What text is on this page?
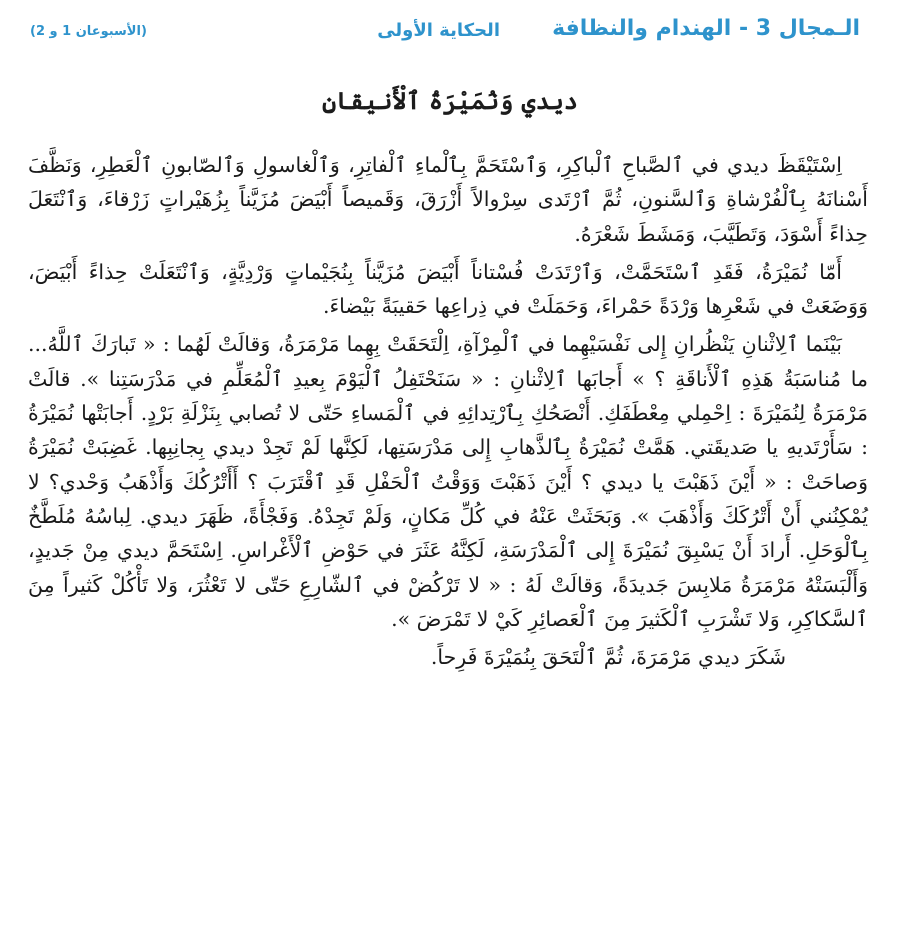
الـمجال 3 - الهندام والنظافة
الحكاية الأولى
(الأسبوعان 1 و 2)
ديدي وَنُمَيْرَةُ ٱلْأَنيقانِ

اِسْتَيْقَظَ ديدي في ٱلصَّباحِ ٱلْباكِرِ، وَٱسْتَحَمَّ بِٱلْماءِ ٱلْفاتِرِ، وَٱلْغاسولِ وَٱلصّابونِ ٱلْعَطِرِ، وَنَظَّفَ أَسْنانَهُ بِٱلْفُرْشاةِ وَٱلسَّنونِ، ثُمَّ ٱرْتَدى سِرْوالاً أَزْرَقَ، وَقَميصاً أَبْيَضَ مُزَيَّناً بِزُهَيْراتٍ زَرْقاءَ، وَٱنْتَعَلَ حِذاءً أَسْوَدَ، وَتَطَيَّبَ، وَمَشَطَ شَعْرَهُ.

أَمّا نُمَيْرَةُ، فَقَدِ ٱسْتَحَمَّتْ، وَٱرْتَدَتْ فُسْتاناً أَبْيَضَ مُزَيَّناً بِنُجَيْماتٍ وَرْدِيَّةٍ، وَٱنْتَعَلَتْ حِذاءً أَبْيَضَ، وَوَضَعَتْ في شَعْرِها وَرْدَةً حَمْراءَ، وَحَمَلَتْ في ذِراعِها حَقيبَةً بَيْضاءَ.

بَيْنَما ٱلِاثْنانِ يَنْظُرانِ إِلى نَفْسَيْهِما في ٱلْمِرْآةِ، اِلْتَحَقَتْ بِهِما مَرْمَرَةُ، وَقالَتْ لَهُما : « تَبارَكَ ٱللَّهُ... ما مُناسَبَةُ هَذِهِ ٱلْأَناقَةِ ؟ » أَجابَها ٱلِاثْنانِ : « سَنَحْتَفِلُ ٱلْيَوْمَ بِعيدِ ٱلْمُعَلِّمِ في مَدْرَسَتِنا ». قالَتْ مَرْمَرَةُ لِنُمَيْرَةَ : اِحْمِلي مِعْطَفَكِ. أَنْصَحُكِ بِٱرْتِدائِهِ في ٱلْمَساءِ حَتّى لا تُصابي بِنَزْلَةِ بَرْدٍ. أَجابَتْها نُمَيْرَةُ : سَأَرْتَديهِ يا صَديقَتي. هَمَّتْ نُمَيْرَةُ بِٱلذَّهابِ إِلى مَدْرَسَتِها، لَكِنَّها لَمْ تَجِدْ ديدي بِجانِبِها. غَضِبَتْ نُمَيْرَةُ وَصاحَتْ : « أَيْنَ ذَهَبْتَ يا ديدي ؟ أَيْنَ ذَهَبْتَ وَوَقْتُ ٱلْحَفْلِ قَدِ ٱقْتَرَبَ ؟ أَأَتْرُكُكَ وَأَذْهَبُ وَحْدي؟ لا يُمْكِنُني أَنْ أَتْرُكَكَ وَأَذْهَبَ ». وَبَحَثَتْ عَنْهُ في كُلِّ مَكانٍ، وَلَمْ تَجِدْهُ. وَفَجْأَةً، ظَهَرَ ديدي. لِباسُهُ مُلَطَّخٌ بِٱلْوَحَلِ. أَرادَ أَنْ يَسْبِقَ نُمَيْرَةَ إِلى ٱلْمَدْرَسَةِ، لَكِنَّهُ عَثَرَ في حَوْضِ ٱلْأَغْراسِ. اِسْتَحَمَّ ديدي مِنْ جَديدٍ، وَأَلْبَسَتْهُ مَرْمَرَةُ مَلابِسَ جَديدَةً، وَقالَتْ لَهُ : « لا تَرْكُضْ في ٱلشّارِعِ حَتّى لا تَعْثُرَ، وَلا تَأْكُلْ كَثيراً مِنَ ٱلسَّكاكِرِ، وَلا تَشْرَبِ ٱلْكَثيرَ مِنَ ٱلْعَصائِرِ كَيْ لا تَمْرَضَ ».

شَكَرَ ديدي مَرْمَرَةَ، ثُمَّ ٱلْتَحَقَ بِنُمَيْرَةَ فَرِحاً.
